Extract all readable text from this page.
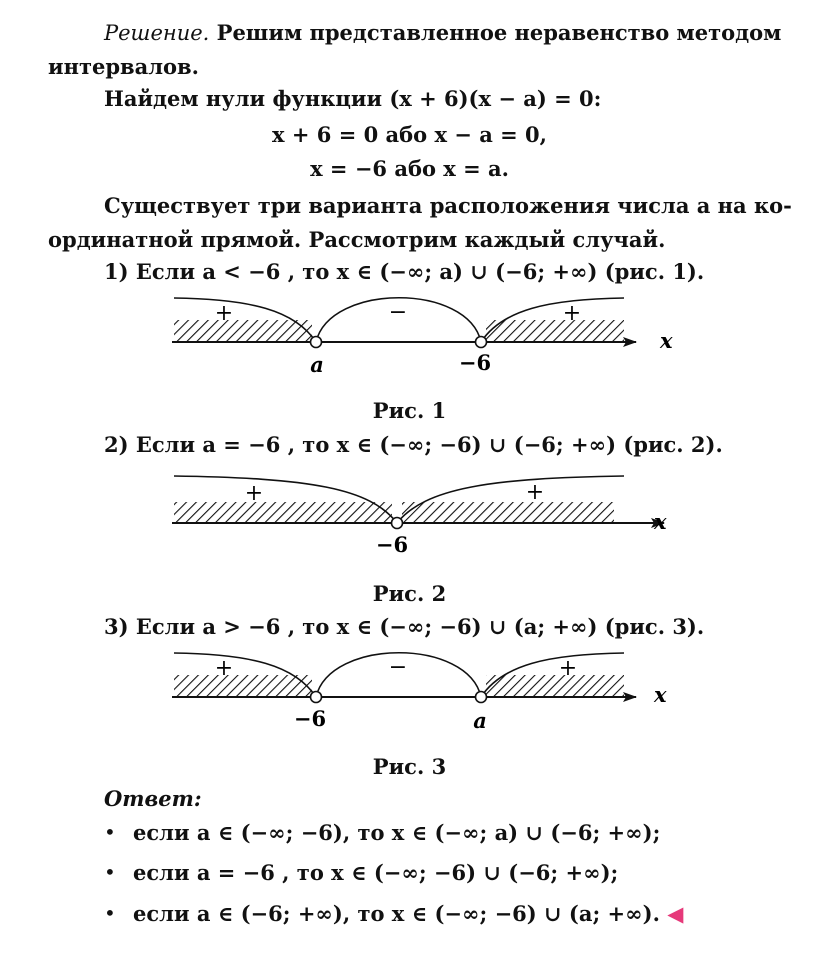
Решение. Решим представленное неравенство методом
интервалов.
Найдем нули функции (x + 6)(x − a) = 0:
x + 6 = 0 або x − a = 0,
x = −6 або x = a.
Существует три варианта расположения числа a на ко-
ординатной прямой. Рассмотрим каждый случай.
1) Если a < −6 , то x ∈ (−∞; a) ∪ (−6; +∞) (рис. 1).
+	−	+
x
a	−6
Рис. 1
2) Если a = −6 , то x ∈ (−∞; −6) ∪ (−6; +∞) (рис. 2).
+	+
x
−6
Рис. 2
3) Если a > −6 , то x ∈ (−∞; −6) ∪ (a; +∞) (рис. 3).
+	−	+
x
−6	a
Рис. 3
Ответ:
• если a ∈ (−∞; −6), то x ∈ (−∞; a) ∪ (−6; +∞);
• если a = −6 , то x ∈ (−∞; −6) ∪ (−6; +∞);
• если a ∈ (−6; +∞), то x ∈ (−∞; −6) ∪ (a; +∞). ◀
